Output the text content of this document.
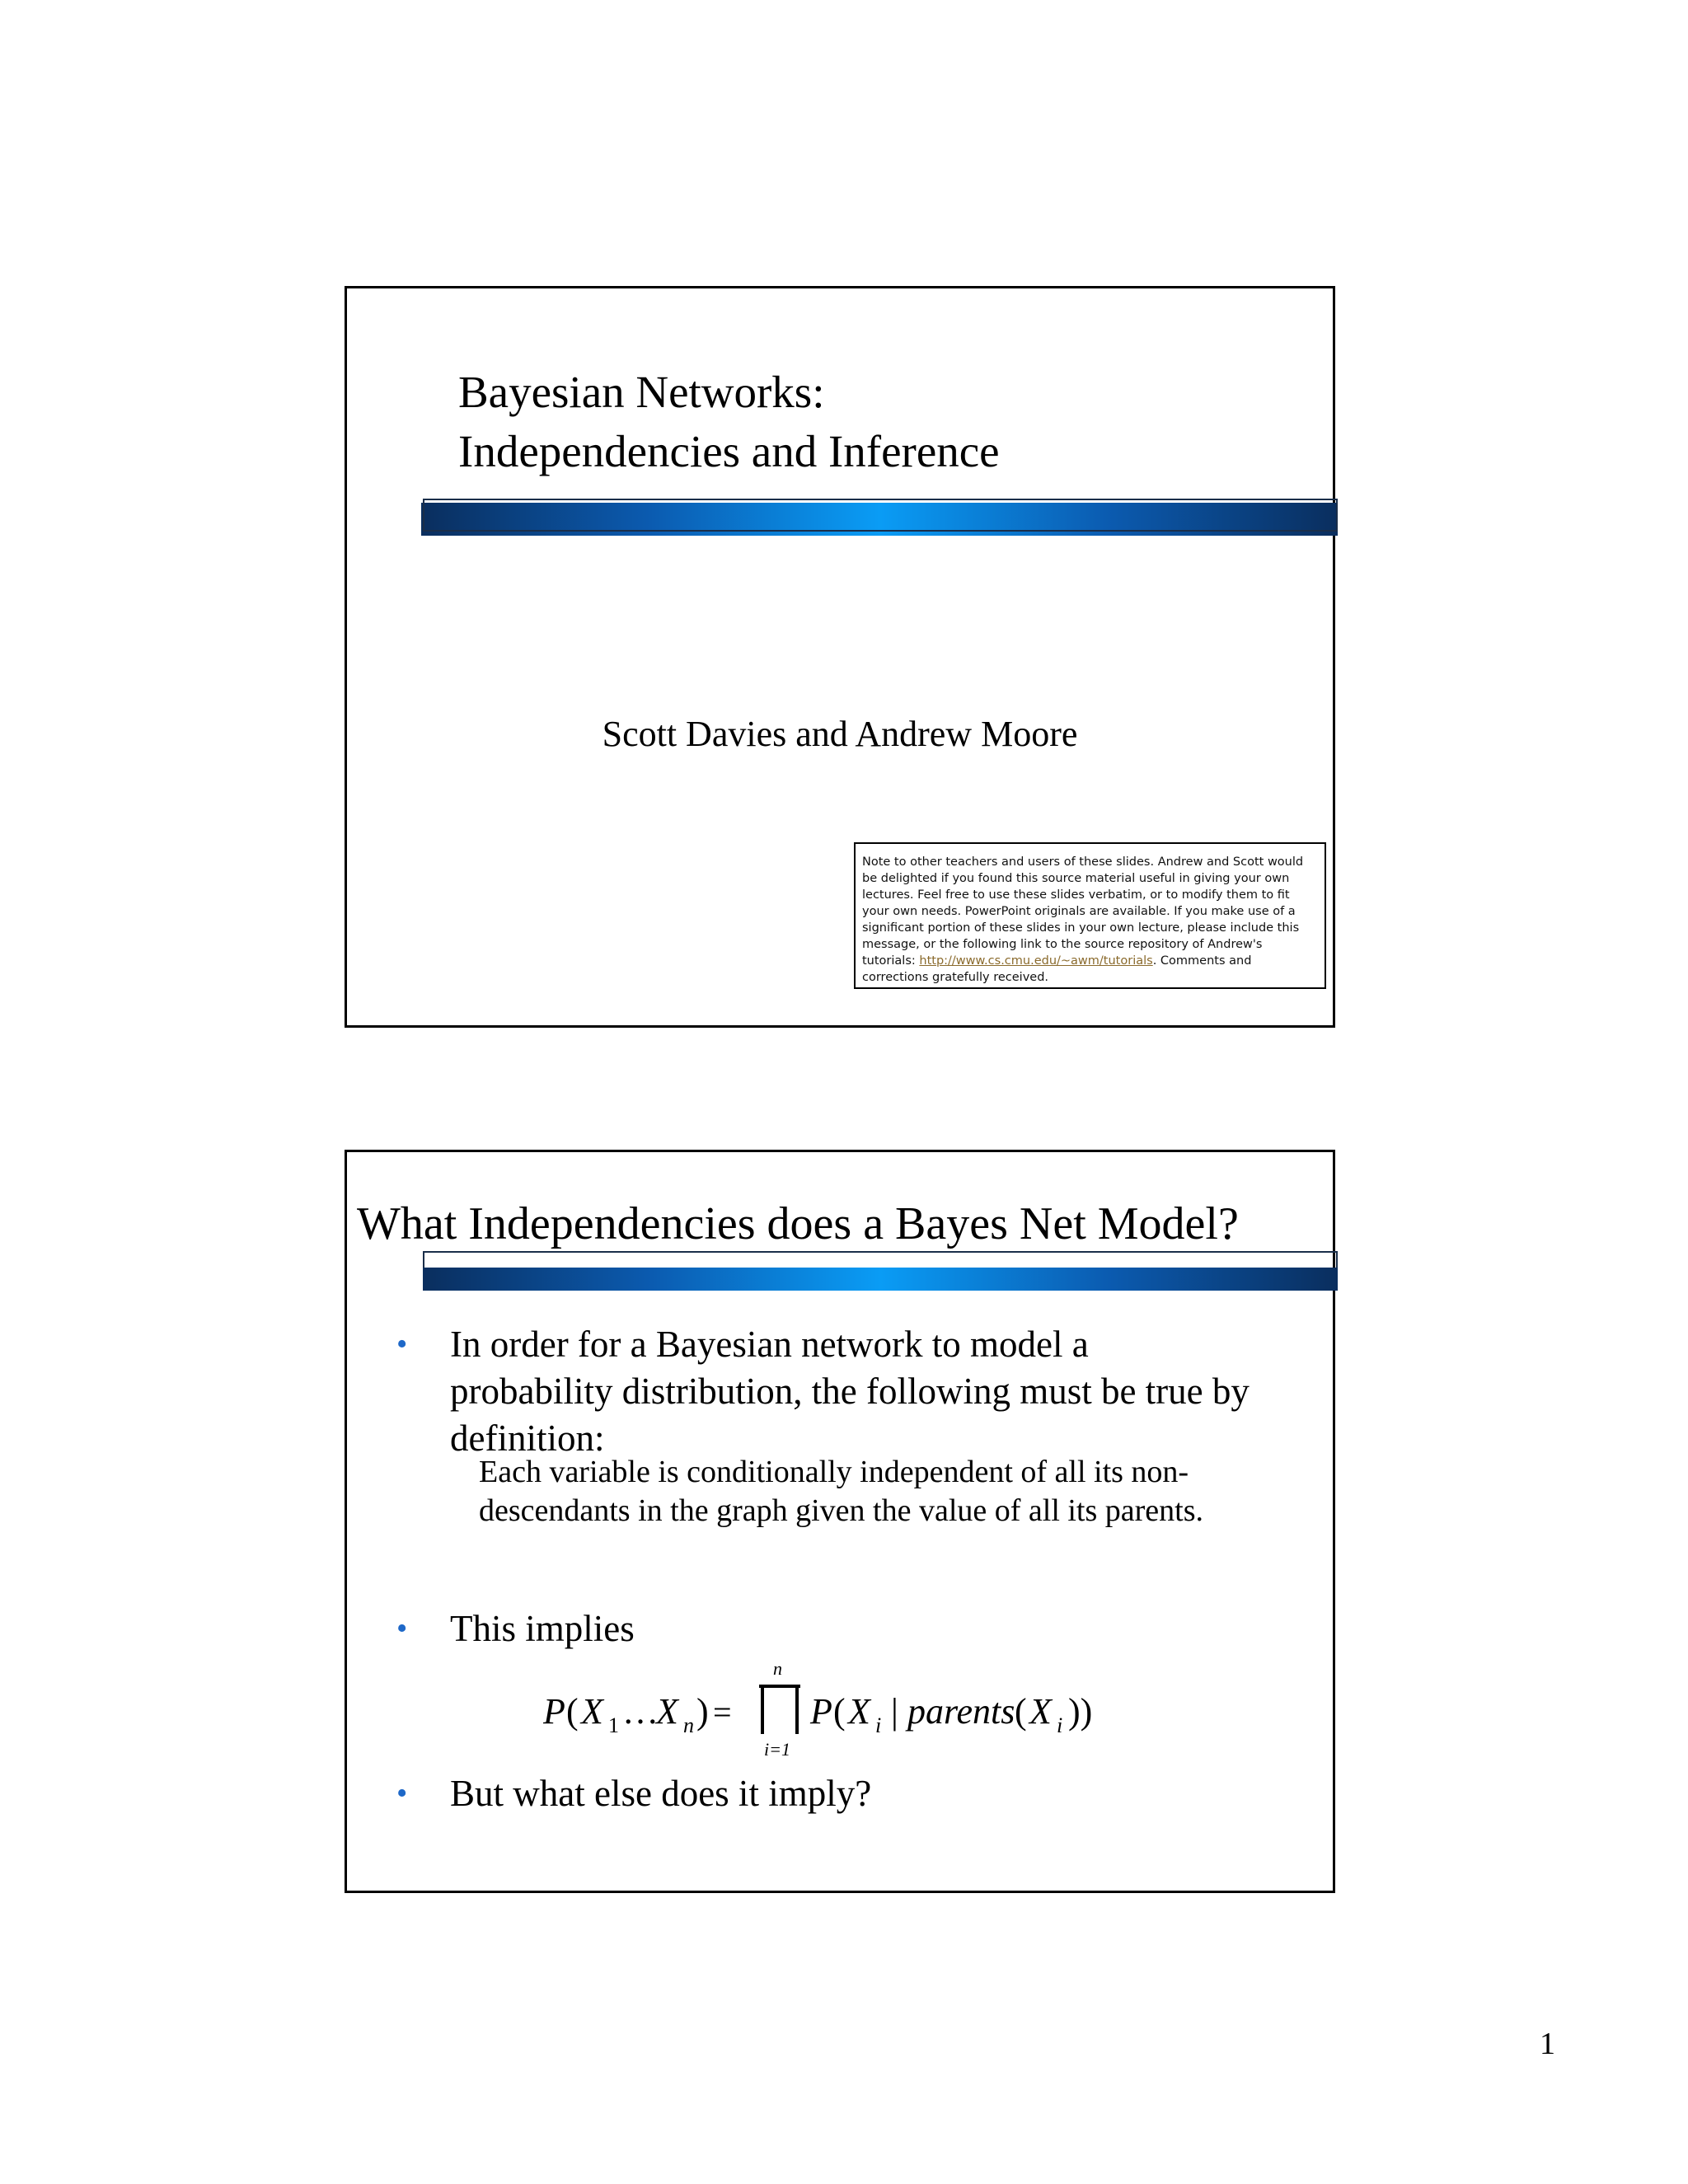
Bayesian Networks:
Independencies and Inference
Scott Davies and Andrew Moore
Note to other teachers and users of these slides. Andrew and Scott would be delighted if you found this source material useful in giving your own lectures. Feel free to use these slides verbatim, or to modify them to fit your own needs. PowerPoint originals are available. If you make use of a significant portion of these slides in your own lecture, please include this message, or the following link to the source repository of Andrew's tutorials: http://www.cs.cmu.edu/~awm/tutorials. Comments and corrections gratefully received.
What Independencies does a Bayes Net Model?
• In order for a Bayesian network to model a
probability distribution, the following must be true by
definition:
Each variable is conditionally independent of all its non-
descendants in the graph given the value of all its parents.
• This implies
P ( X 1 …
X n ) =
n
i=1
P ( X i | parents ( X i ))
• But what else does it imply?
1
